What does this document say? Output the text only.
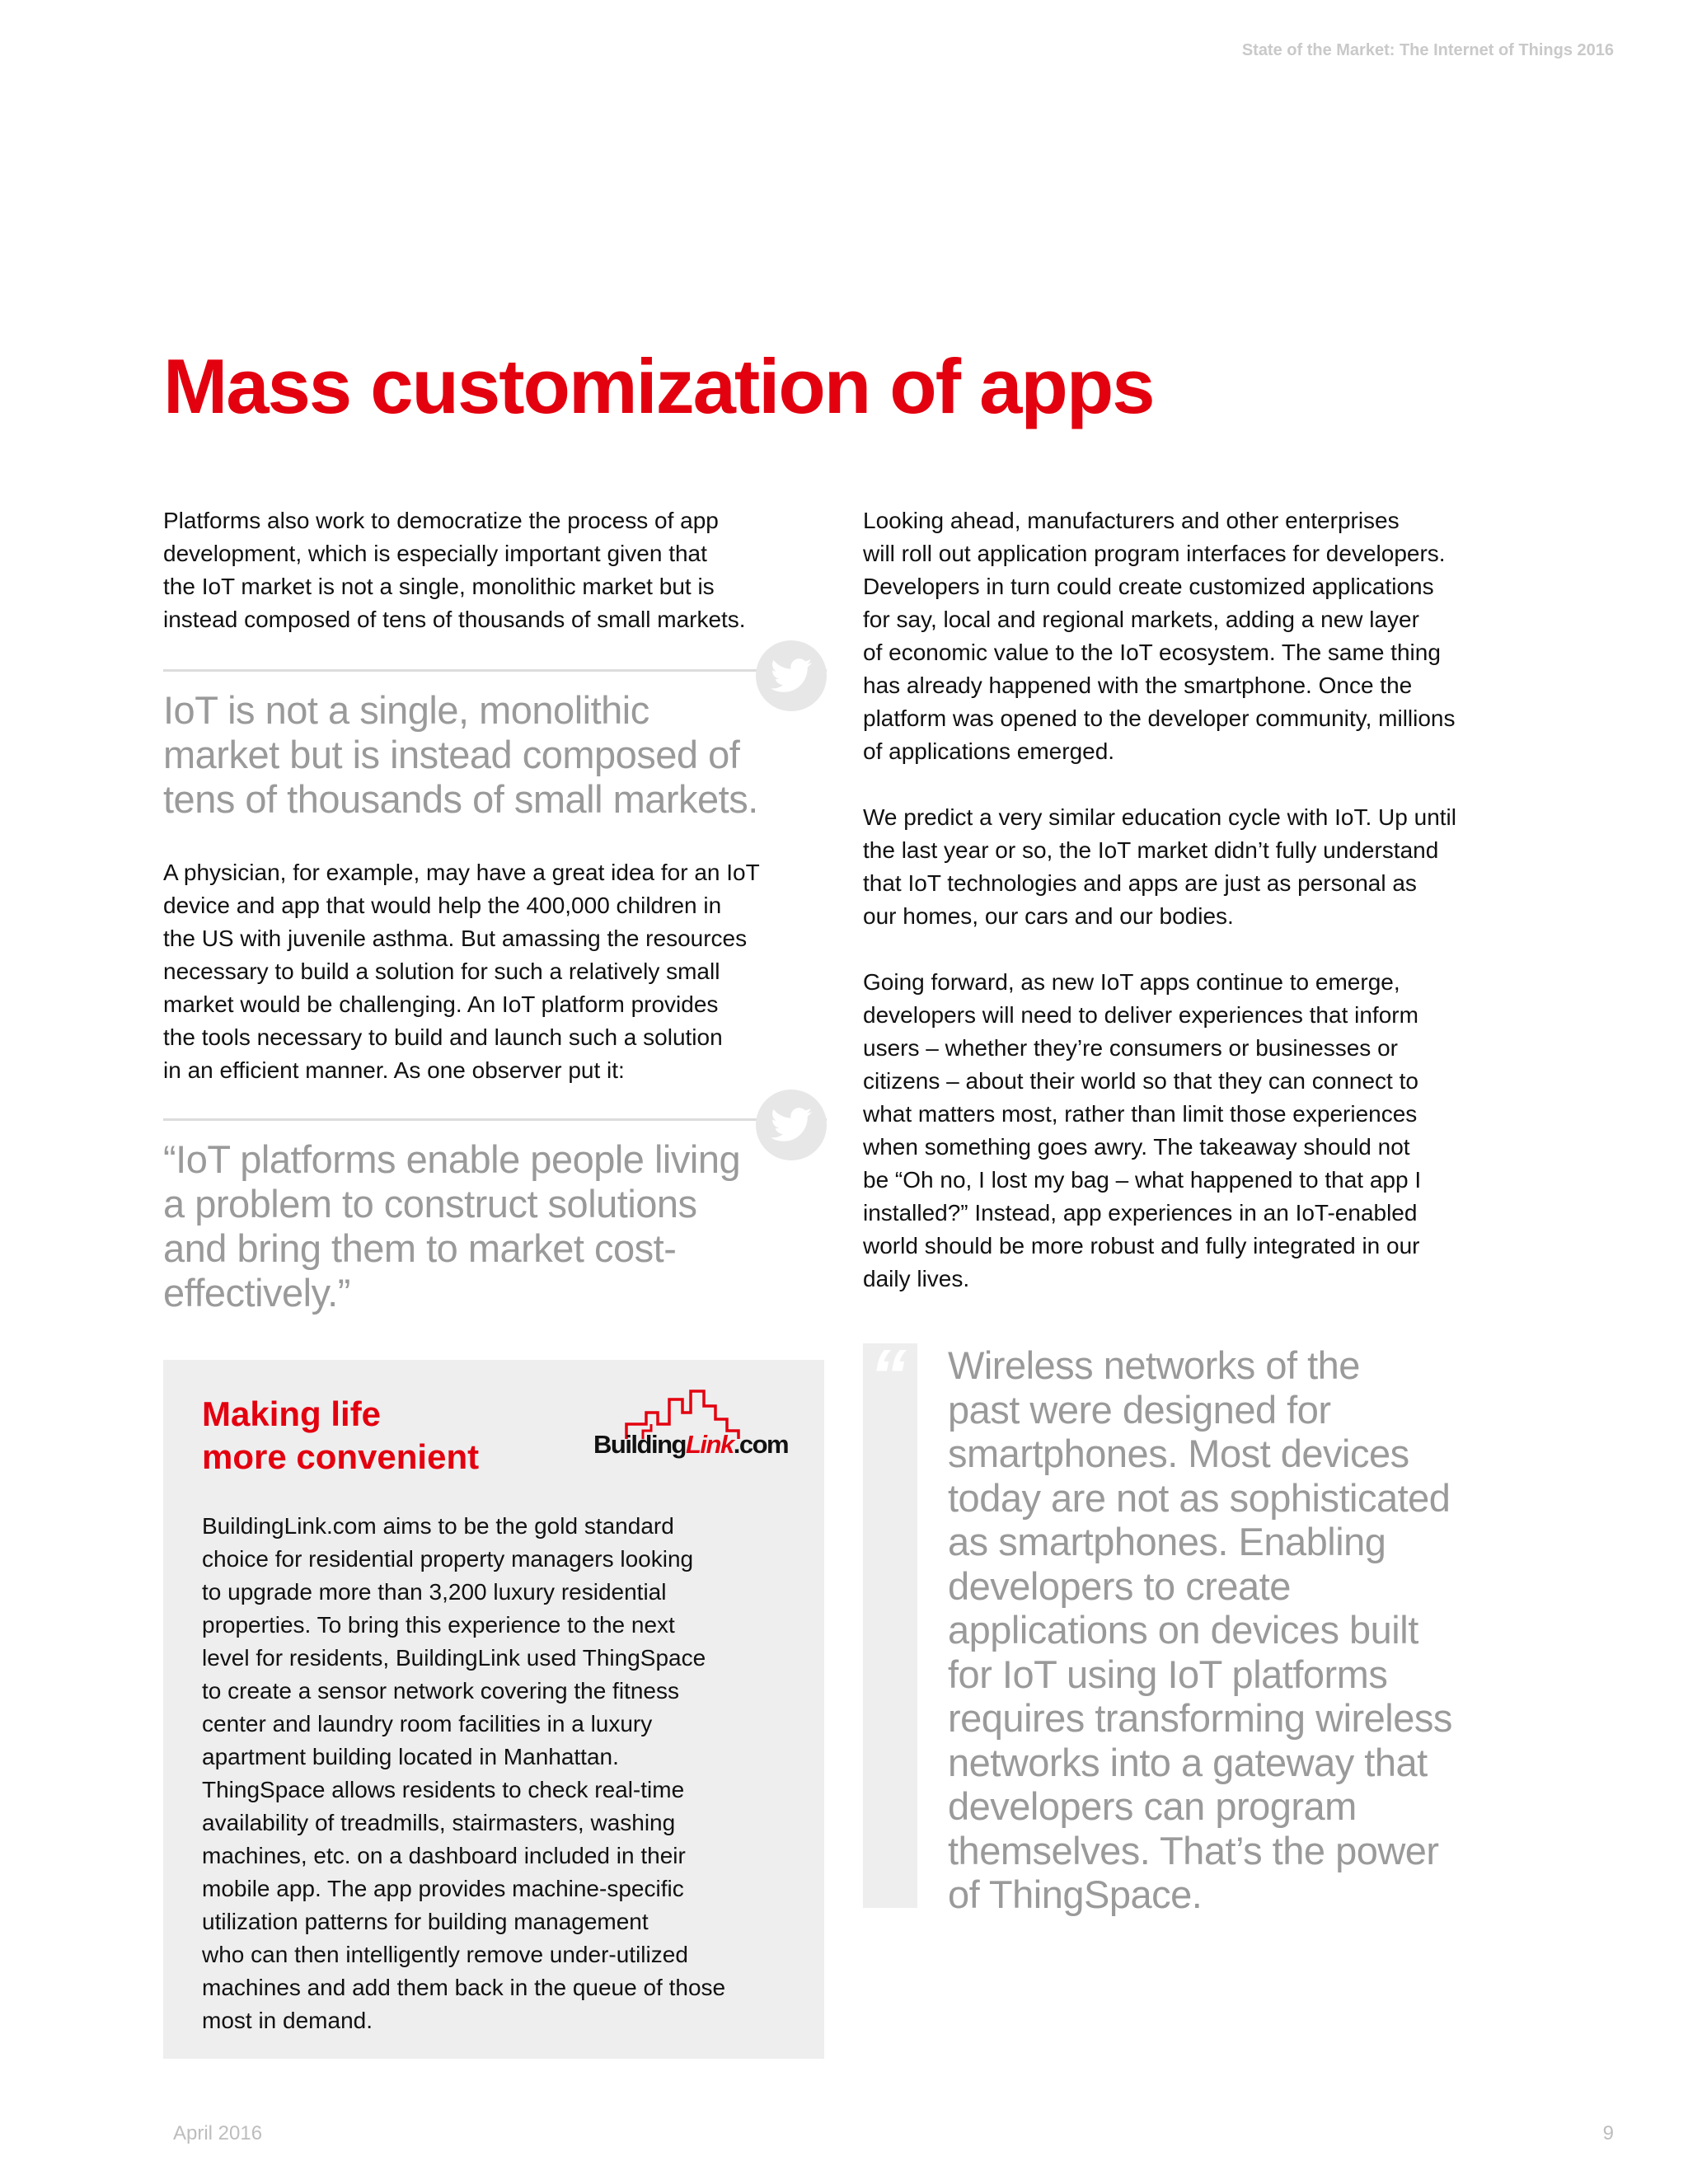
State of the Market: The Internet of Things 2016
Mass customization of apps

Platforms also work to democratize the process of app
development, which is especially important given that
the IoT market is not a single, monolithic market but is
instead composed of tens of thousands of small markets.

IoT is not a single, monolithic
market but is instead composed of
tens of thousands of small markets.

A physician, for example, may have a great idea for an IoT
device and app that would help the 400,000 children in
the US with juvenile asthma. But amassing the resources
necessary to build a solution for such a relatively small
market would be challenging. An IoT platform provides
the tools necessary to build and launch such a solution
in an efficient manner. As one observer put it:

“IoT platforms enable people living
a problem to construct solutions
and bring them to market cost-
effectively.”

Looking ahead, manufacturers and other enterprises
will roll out application program interfaces for developers.
Developers in turn could create customized applications
for say, local and regional markets, adding a new layer
of economic value to the IoT ecosystem. The same thing
has already happened with the smartphone. Once the
platform was opened to the developer community, millions
of applications emerged.

We predict a very similar education cycle with IoT. Up until
the last year or so, the IoT market didn’t fully understand
that IoT technologies and apps are just as personal as
our homes, our cars and our bodies.

Going forward, as new IoT apps continue to emerge,
developers will need to deliver experiences that inform
users – whether they’re consumers or businesses or
citizens – about their world so that they can connect to
what matters most, rather than limit those experiences
when something goes awry. The takeaway should not
be “Oh no, I lost my bag – what happened to that app I
installed?” Instead, app experiences in an IoT-enabled
world should be more robust and fully integrated in our
daily lives.

Making life
more convenient	BuildingLink.com

BuildingLink.com aims to be the gold standard
choice for residential property managers looking
to upgrade more than 3,200 luxury residential
properties. To bring this experience to the next
level for residents, BuildingLink used ThingSpace
to create a sensor network covering the fitness
center and laundry room facilities in a luxury
apartment building located in Manhattan.
ThingSpace allows residents to check real-time
availability of treadmills, stairmasters, washing
machines, etc. on a dashboard included in their
mobile app. The app provides machine-specific
utilization patterns for building management
who can then intelligently remove under-utilized
machines and add them back in the queue of those
most in demand.

“ Wireless networks of the
past were designed for
smartphones. Most devices
today are not as sophisticated
as smartphones. Enabling
developers to create
applications on devices built
for IoT using IoT platforms
requires transforming wireless
networks into a gateway that
developers can program
themselves. That’s the power
of ThingSpace.

April 2016	9
